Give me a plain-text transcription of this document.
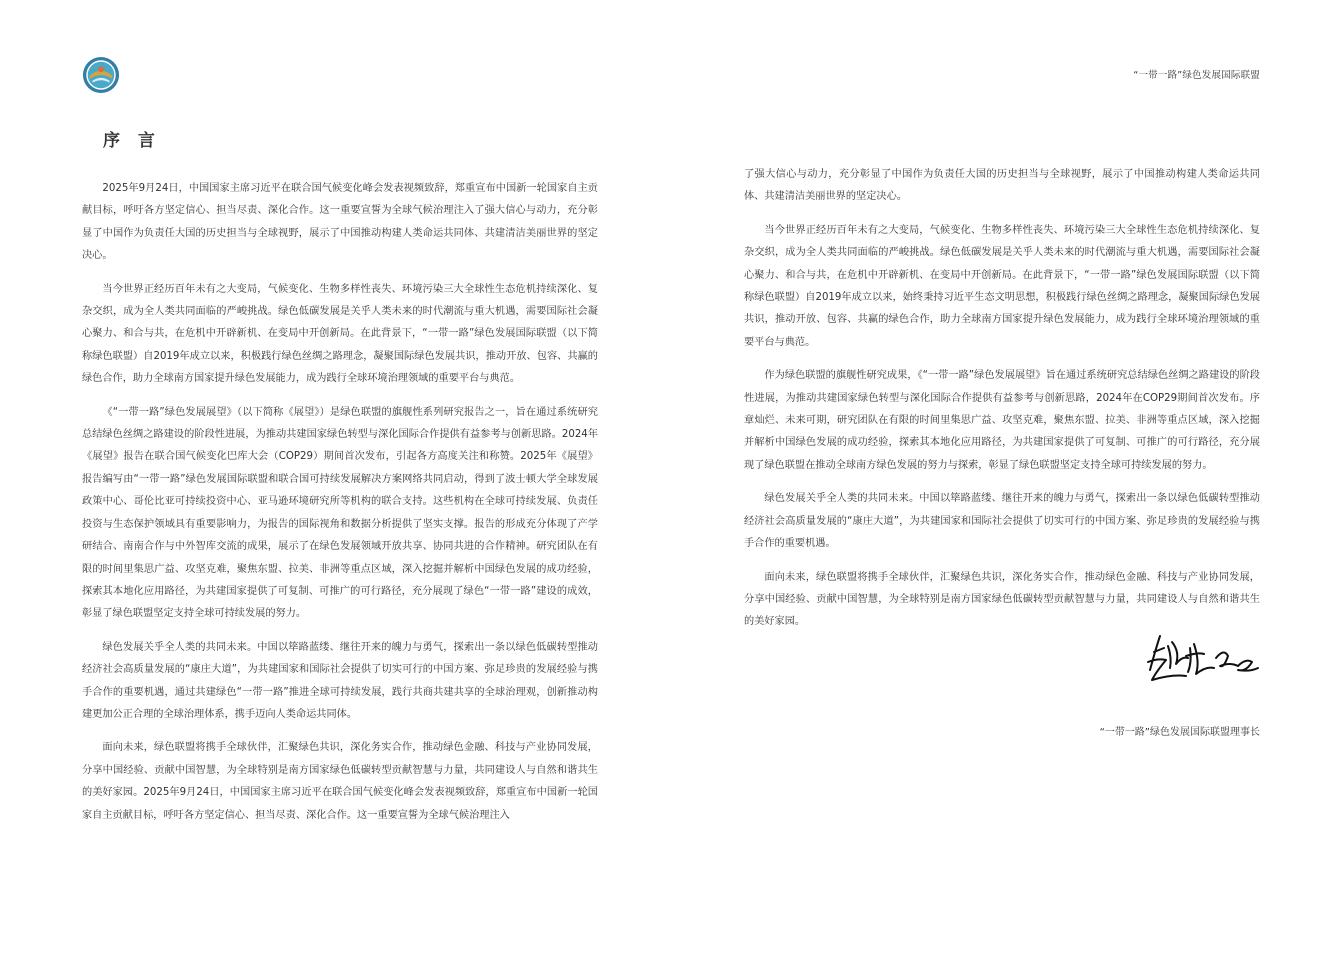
序 言

2025年9月24日，中国国家主席习近平在联合国气候变化峰会发表视频致辞，郑重宣布中国新一轮国家自主贡献目标，呼吁各方坚定信心、担当尽责、深化合作。这一重要宣誓为全球气候治理注入了强大信心与动力，充分彰显了中国作为负责任大国的历史担当与全球视野，展示了中国推动构建人类命运共同体、共建清洁美丽世界的坚定决心。

当今世界正经历百年未有之大变局，气候变化、生物多样性丧失、环境污染三大全球性生态危机持续深化、复杂交织，成为全人类共同面临的严峻挑战。绿色低碳发展是关乎人类未来的时代潮流与重大机遇，需要国际社会凝心聚力、和合与共，在危机中开辟新机、在变局中开创新局。在此背景下，“一带一路”绿色发展国际联盟（以下简称绿色联盟）自2019年成立以来，积极践行绿色丝绸之路理念，凝聚国际绿色发展共识，推动开放、包容、共赢的绿色合作，助力全球南方国家提升绿色发展能力，成为践行全球环境治理领域的重要平台与典范。

《“一带一路”绿色发展展望》（以下简称《展望》）是绿色联盟的旗舰性系列研究报告之一，旨在通过系统研究总结绿色丝绸之路建设的阶段性进展，为推动共建国家绿色转型与深化国际合作提供有益参考与创新思路。2024年《展望》报告在联合国气候变化巴库大会（COP29）期间首次发布，引起各方高度关注和称赞。2025年《展望》报告编写由“一带一路”绿色发展国际联盟和联合国可持续发展解决方案网络共同启动，得到了波士顿大学全球发展政策中心、哥伦比亚可持续投资中心、亚马逊环境研究所等机构的联合支持。这些机构在全球可持续发展、负责任投资与生态保护领域具有重要影响力，为报告的国际视角和数据分析提供了坚实支撑。报告的形成充分体现了产学研结合、南南合作与中外智库交流的成果，展示了在绿色发展领域开放共享、协同共进的合作精神。研究团队在有限的时间里集思广益、攻坚克难，聚焦东盟、拉美、非洲等重点区域，深入挖掘并解析中国绿色发展的成功经验，探索其本地化应用路径，为共建国家提供了可复制、可推广的可行路径，充分展现了绿色“一带一路”建设的成效，彰显了绿色联盟坚定支持全球可持续发展的努力。

绿色发展关乎全人类的共同未来。中国以筚路蓝缕、继往开来的魄力与勇气，探索出一条以绿色低碳转型推动经济社会高质量发展的“康庄大道”，为共建国家和国际社会提供了切实可行的中国方案、弥足珍贵的发展经验与携手合作的重要机遇，通过共建绿色“一带一路”推进全球可持续发展，践行共商共建共享的全球治理观，创新推动构建更加公正合理的全球治理体系，携手迈向人类命运共同体。

面向未来，绿色联盟将携手全球伙伴，汇聚绿色共识，深化务实合作，推动绿色金融、科技与产业协同发展，分享中国经验、贡献中国智慧，为全球特别是南方国家绿色低碳转型贡献智慧与力量，共同建设人与自然和谐共生的美好家园。2025年9月24日，中国国家主席习近平在联合国气候变化峰会发表视频致辞，郑重宣布中国新一轮国家自主贡献目标，呼吁各方坚定信心、担当尽责、深化合作。这一重要宣誓为全球气候治理注入

“一带一路”绿色发展国际联盟

了强大信心与动力，充分彰显了中国作为负责任大国的历史担当与全球视野，展示了中国推动构建人类命运共同体、共建清洁美丽世界的坚定决心。

当今世界正经历百年未有之大变局，气候变化、生物多样性丧失、环境污染三大全球性生态危机持续深化、复杂交织，成为全人类共同面临的严峻挑战。绿色低碳发展是关乎人类未来的时代潮流与重大机遇，需要国际社会凝心聚力、和合与共，在危机中开辟新机、在变局中开创新局。在此背景下，“一带一路”绿色发展国际联盟（以下简称绿色联盟）自2019年成立以来，始终秉持习近平生态文明思想，积极践行绿色丝绸之路理念，凝聚国际绿色发展共识，推动开放、包容、共赢的绿色合作，助力全球南方国家提升绿色发展能力，成为践行全球环境治理领域的重要平台与典范。

作为绿色联盟的旗舰性研究成果，《“一带一路”绿色发展展望》旨在通过系统研究总结绿色丝绸之路建设的阶段性进展，为推动共建国家绿色转型与深化国际合作提供有益参考与创新思路，2024年在COP29期间首次发布。序章灿烂、未来可期，研究团队在有限的时间里集思广益、攻坚克难，聚焦东盟、拉美、非洲等重点区域，深入挖掘并解析中国绿色发展的成功经验，探索其本地化应用路径，为共建国家提供了可复制、可推广的可行路径，充分展现了绿色联盟在推动全球南方绿色发展的努力与探索，彰显了绿色联盟坚定支持全球可持续发展的努力。

绿色发展关乎全人类的共同未来。中国以筚路蓝缕、继往开来的魄力与勇气，探索出一条以绿色低碳转型推动经济社会高质量发展的“康庄大道”，为共建国家和国际社会提供了切实可行的中国方案、弥足珍贵的发展经验与携手合作的重要机遇。

面向未来，绿色联盟将携手全球伙伴，汇聚绿色共识，深化务实合作，推动绿色金融、科技与产业协同发展，分享中国经验、贡献中国智慧，为全球特别是南方国家绿色低碳转型贡献智慧与力量，共同建设人与自然和谐共生的美好家园。

“一带一路”绿色发展国际联盟理事长
